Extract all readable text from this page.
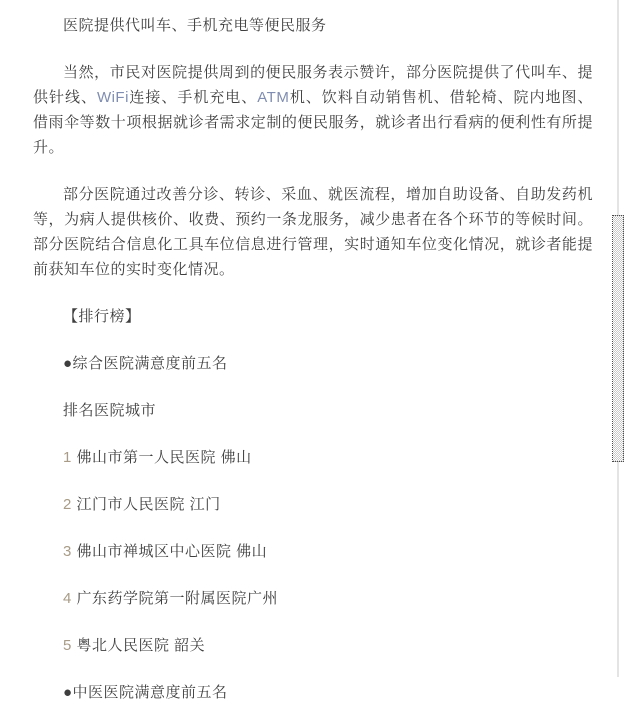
医院提供代叫车、手机充电等便民服务

当然，市民对医院提供周到的便民服务表示赞许，部分医院提供了代叫车、提供针线、WiFi连接、手机充电、ATM机、饮料自动销售机、借轮椅、院内地图、借雨伞等数十项根据就诊者需求定制的便民服务，就诊者出行看病的便利性有所提升。

部分医院通过改善分诊、转诊、采血、就医流程，增加自助设备、自助发药机等，为病人提供核价、收费、预约一条龙服务，减少患者在各个环节的等候时间。部分医院结合信息化工具车位信息进行管理，实时通知车位变化情况，就诊者能提前获知车位的实时变化情况。

【排行榜】

●综合医院满意度前五名

排名医院城市

1 佛山市第一人民医院 佛山

2 江门市人民医院 江门

3 佛山市禅城区中心医院 佛山

4 广东药学院第一附属医院广州

5 粤北人民医院 韶关

●中医医院满意度前五名
